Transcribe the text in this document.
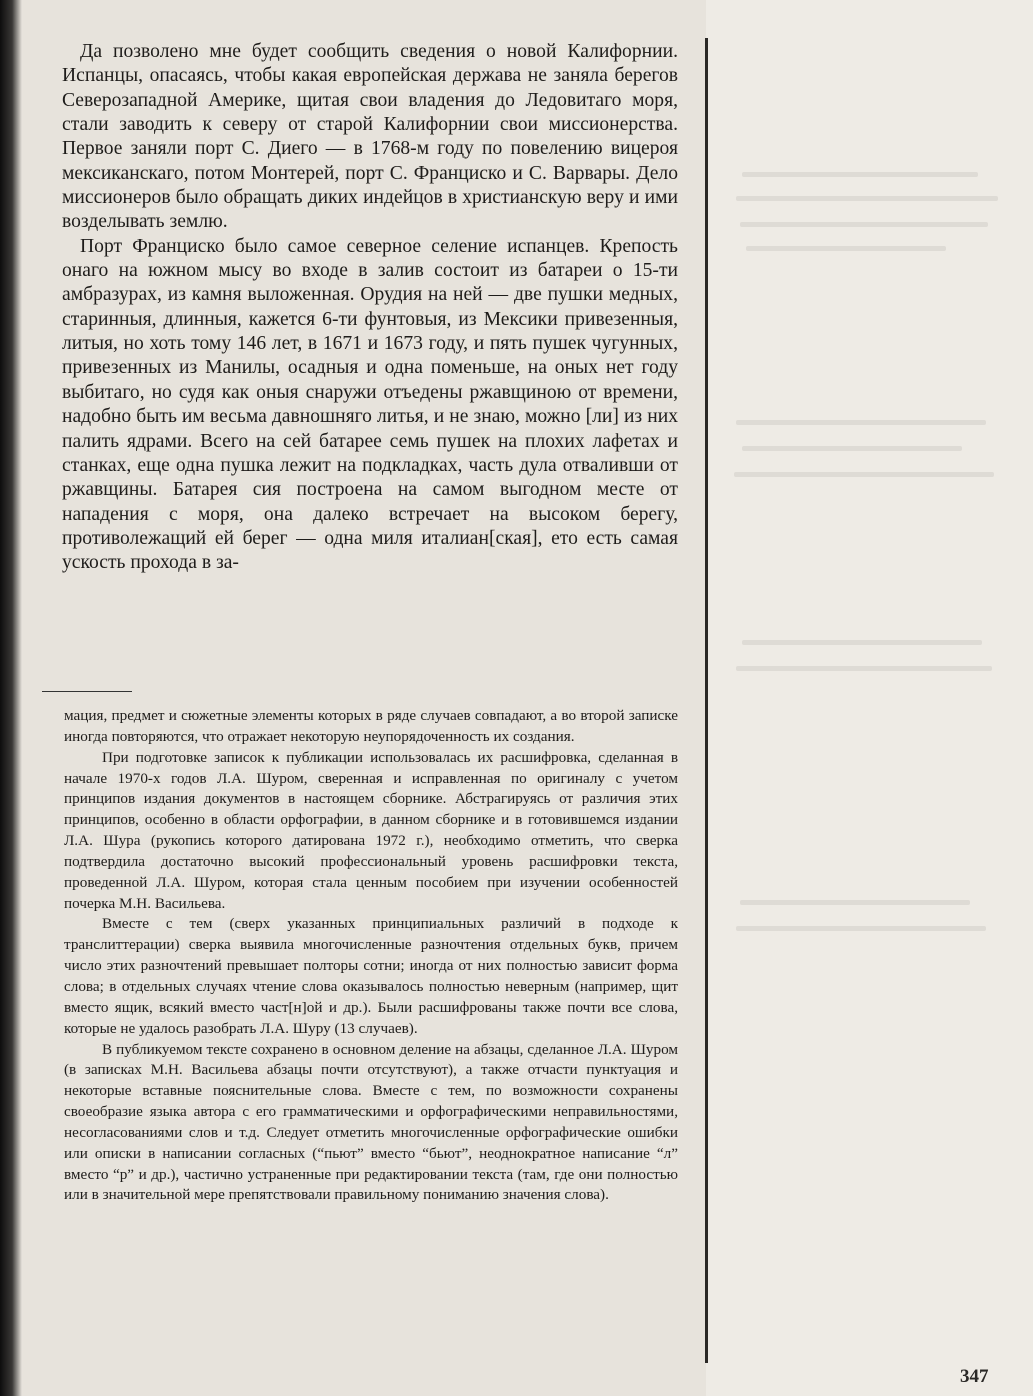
Да позволено мне будет сообщить сведения о новой Калифорнии. Испанцы, опасаясь, чтобы какая европейская держава не заняла берегов Северозападной Америке, щитая свои владения до Ледовитаго моря, стали заводить к северу от старой Калифорнии свои миссионерства. Первое заняли порт С. Диего — в 1768-м году по повелению вицероя мексиканскаго, потом Монтерей, порт С. Франциско и С. Варвары. Дело миссионеров было обращать диких индейцов в христианскую веру и ими возделывать землю.

Порт Франциско было самое северное селение испанцев. Крепость онаго на южном мысу во входе в залив состоит из батареи о 15-ти амбразурах, из камня выложенная. Орудия на ней — две пушки медных, старинныя, длинныя, кажется 6-ти фунтовыя, из Мексики привезенныя, литыя, но хоть тому 146 лет, в 1671 и 1673 году, и пять пушек чугунных, привезенных из Манилы, осадныя и одна поменьше, на оных нет году выбитаго, но судя как оныя снаружи отъедены ржавщиною от времени, надобно быть им весьма давношняго литья, и не знаю, можно [ли] из них палить ядрами. Всего на сей батарее семь пушек на плохих лафетах и станках, еще одна пушка лежит на подкладках, часть дула отваливши от ржавщины. Батарея сия построена на самом выгодном месте от нападения с моря, она далеко встречает на высоком берегу, противолежащий ей берег — одна миля италиан[ская], ето есть самая ускость прохода в за-

мация, предмет и сюжетные элементы которых в ряде случаев совпадают, а во второй записке иногда повторяются, что отражает некоторую неупорядоченность их создания.

При подготовке записок к публикации использовалась их расшифровка, сделанная в начале 1970-х годов Л.А. Шуром, сверенная и исправленная по оригиналу с учетом принципов издания документов в настоящем сборнике. Абстрагируясь от различия этих принципов, особенно в области орфографии, в данном сборнике и в готовившемся издании Л.А. Шура (рукопись которого датирована 1972 г.), необходимо отметить, что сверка подтвердила достаточно высокий профессиональный уровень расшифровки текста, проведенной Л.А. Шуром, которая стала ценным пособием при изучении особенностей почерка М.Н. Васильева.

Вместе с тем (сверх указанных принципиальных различий в подходе к транслиттерации) сверка выявила многочисленные разночтения отдельных букв, причем число этих разночтений превышает полторы сотни; иногда от них полностью зависит форма слова; в отдельных случаях чтение слова оказывалось полностью неверным (например, щит вместо ящик, всякий вместо част[н]ой и др.). Были расшифрованы также почти все слова, которые не удалось разобрать Л.А. Шуру (13 случаев).

В публикуемом тексте сохранено в основном деление на абзацы, сделанное Л.А. Шуром (в записках М.Н. Васильева абзацы почти отсутствуют), а также отчасти пунктуация и некоторые вставные пояснительные слова. Вместе с тем, по возможности сохранены своеобразие языка автора с его грамматическими и орфографическими неправильностями, несогласованиями слов и т.д. Следует отметить многочисленные орфографические ошибки или описки в написании согласных (“пьют” вместо “бьют”, неоднократное написание “л” вместо “р” и др.), частично устраненные при редактировании текста (там, где они полностью или в значительной мере препятствовали правильному пониманию значения слова).

347
